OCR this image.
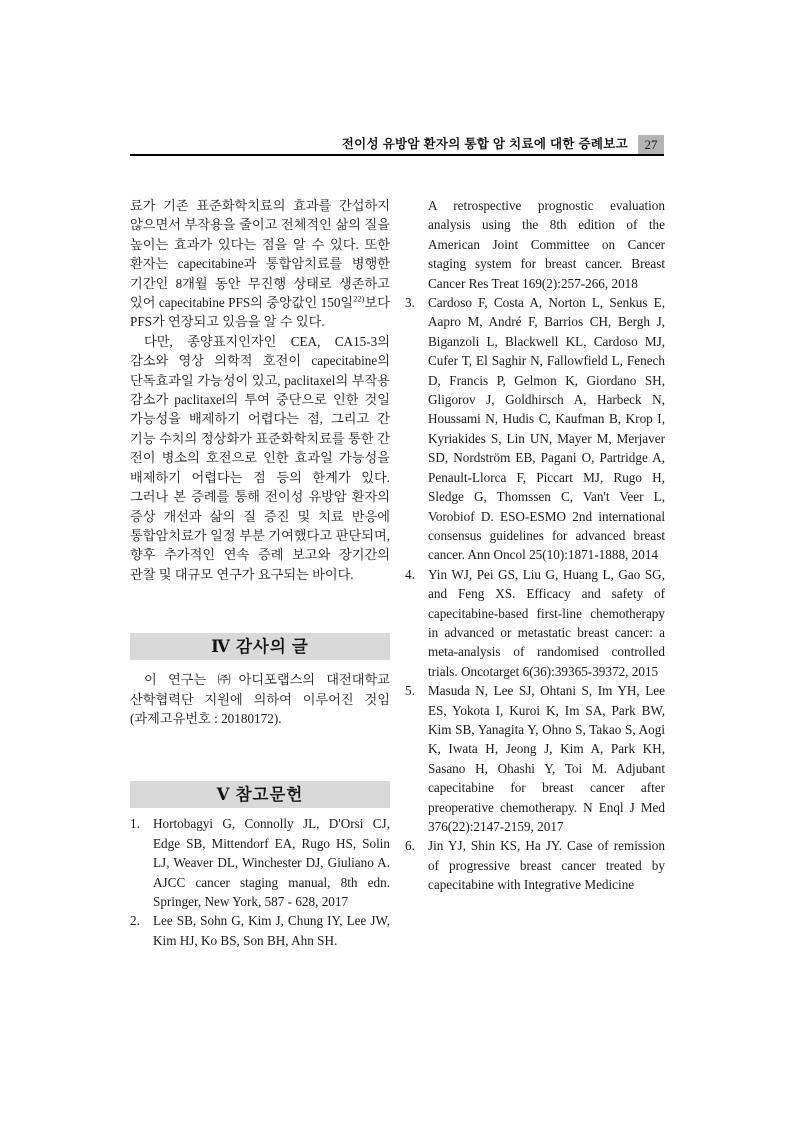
전이성 유방암 환자의 통합 암 치료에 대한 증례보고	27

료가 기존 표준화학치료의 효과를 간섭하지 않으면서 부작용을 줄이고 전체적인 삶의 질을 높이는 효과가 있다는 점을 알 수 있다. 또한 환자는 capecitabine과 통합암치료를 병행한 기간인 8개월 동안 무진행 상태로 생존하고 있어 capecitabine PFS의 중앙값인 150일$^{22)}$보다 PFS가 연장되고 있음을 알 수 있다.

다만, 종양표지인자인 CEA, CA15-3의 감소와 영상 의학적 호전이 capecitabine의 단독효과일 가능성이 있고, paclitaxel의 부작용 감소가 paclitaxel의 투여 중단으로 인한 것일 가능성을 배제하기 어렵다는 점, 그리고 간 기능 수치의 정상화가 표준화학치료를 통한 간 전이 병소의 호전으로 인한 효과일 가능성을 배제하기 어렵다는 점 등의 한계가 있다. 그러나 본 증례를 통해 전이성 유방암 환자의 증상 개선과 삶의 질 증진 및 치료 반응에 통합암치료가 일정 부분 기여했다고 판단되며, 향후 추가적인 연속 증례 보고와 장기간의 관찰 및 대규모 연구가 요구되는 바이다.

Ⅳ 감사의 글

이 연구는 ㈜아디포랩스의 대전대학교 산학협력단 지원에 의하여 이루어진 것임(과제고유번호 : 20180172).

Ⅴ 참고문헌
1. Hortobagyi G, Connolly JL, D'Orsi CJ, Edge SB, Mittendorf EA, Rugo HS, Solin LJ, Weaver DL, Winchester DJ, Giuliano A. AJCC cancer staging manual, 8th edn. Springer, New York, 587 - 628, 2017
2. Lee SB, Sohn G, Kim J, Chung IY, Lee JW, Kim HJ, Ko BS, Son BH, Ahn SH.

A retrospective prognostic evaluation analysis using the 8th edition of the American Joint Committee on Cancer staging system for breast cancer. Breast Cancer Res Treat 169(2):257-266, 2018

3. Cardoso F, Costa A, Norton L, Senkus E, Aapro M, André F, Barrios CH, Bergh J, Biganzoli L, Blackwell KL, Cardoso MJ, Cufer T, El Saghir N, Fallowfield L, Fenech D, Francis P, Gelmon K, Giordano SH, Gligorov J, Goldhirsch A, Harbeck N, Houssami N, Hudis C, Kaufman B, Krop I, Kyriakides S, Lin UN, Mayer M, Merjaver SD, Nordström EB, Pagani O, Partridge A, Penault-Llorca F, Piccart MJ, Rugo H, Sledge G, Thomssen C, Van't Veer L, Vorobiof D. ESO-ESMO 2nd international consensus guidelines for advanced breast cancer. Ann Oncol 25(10):1871-1888, 2014
4. Yin WJ, Pei GS, Liu G, Huang L, Gao SG, and Feng XS. Efficacy and safety of capecitabine-based first-line chemotherapy in advanced or metastatic breast cancer: a meta-analysis of randomised controlled trials. Oncotarget 6(36):39365-39372, 2015
5. Masuda N, Lee SJ, Ohtani S, Im YH, Lee ES, Yokota I, Kuroi K, Im SA, Park BW, Kim SB, Yanagita Y, Ohno S, Takao S, Aogi K, Iwata H, Jeong J, Kim A, Park KH, Sasano H, Ohashi Y, Toi M. Adjubant capecitabine for breast cancer after preoperative chemotherapy. N Enql J Med 376(22):2147-2159, 2017
6. Jin YJ, Shin KS, Ha JY. Case of remission of progressive breast cancer treated by capecitabine with Integrative Medicine
